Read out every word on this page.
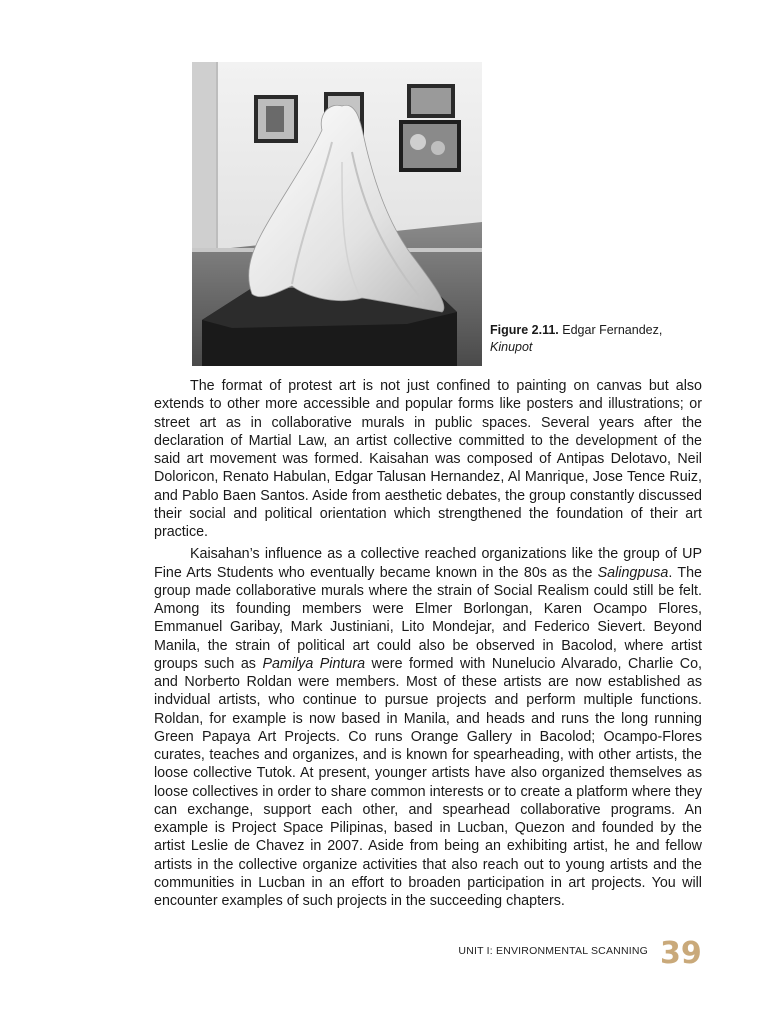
Figure 2.11. Edgar Fernandez,
Kinupot

The format of protest art is not just confined to painting on canvas but also extends to other more accessible and popular forms like posters and illustrations; or street art as in collaborative murals in public spaces. Several years after the declaration of Martial Law, an artist collective committed to the development of the said art movement was formed. Kaisahan was composed of Antipas Delotavo, Neil Doloricon, Renato Habulan, Edgar Talusan Hernandez, Al Manrique, Jose Tence Ruiz, and Pablo Baen Santos. Aside from aesthetic debates, the group constantly discussed their social and political orientation which strengthened the foundation of their art practice.

Kaisahan’s influence as a collective reached organizations like the group of UP Fine Arts Students who eventually became known in the 80s as the Salingpusa. The group made collaborative murals where the strain of Social Realism could still be felt. Among its founding members were Elmer Borlongan, Karen Ocampo Flores, Emmanuel Garibay, Mark Justiniani, Lito Mondejar, and Federico Sievert. Beyond Manila, the strain of political art could also be observed in Bacolod, where artist groups such as Pamilya Pintura were formed with Nunelucio Alvarado, Charlie Co, and Norberto Roldan were members. Most of these artists are now established as indvidual artists, who continue to pursue projects and perform multiple functions. Roldan, for example is now based in Manila, and heads and runs the long running Green Papaya Art Projects. Co runs Orange Gallery in Bacolod; Ocampo-Flores curates, teaches and organizes, and is known for spearheading, with other artists, the loose collective Tutok. At present, younger artists have also organized themselves as loose collectives in order to share common interests or to create a platform where they can exchange, support each other, and spearhead collaborative programs. An example is Project Space Pilipinas, based in Lucban, Quezon and founded by the artist Leslie de Chavez in 2007. Aside from being an exhibiting artist, he and fellow artists in the collective organize activities that also reach out to young artists and the communities in Lucban in an effort to broaden participation in art projects. You will encounter examples of such projects in the succeeding chapters.

UNIT I: ENVIRONMENTAL SCANNING 39
